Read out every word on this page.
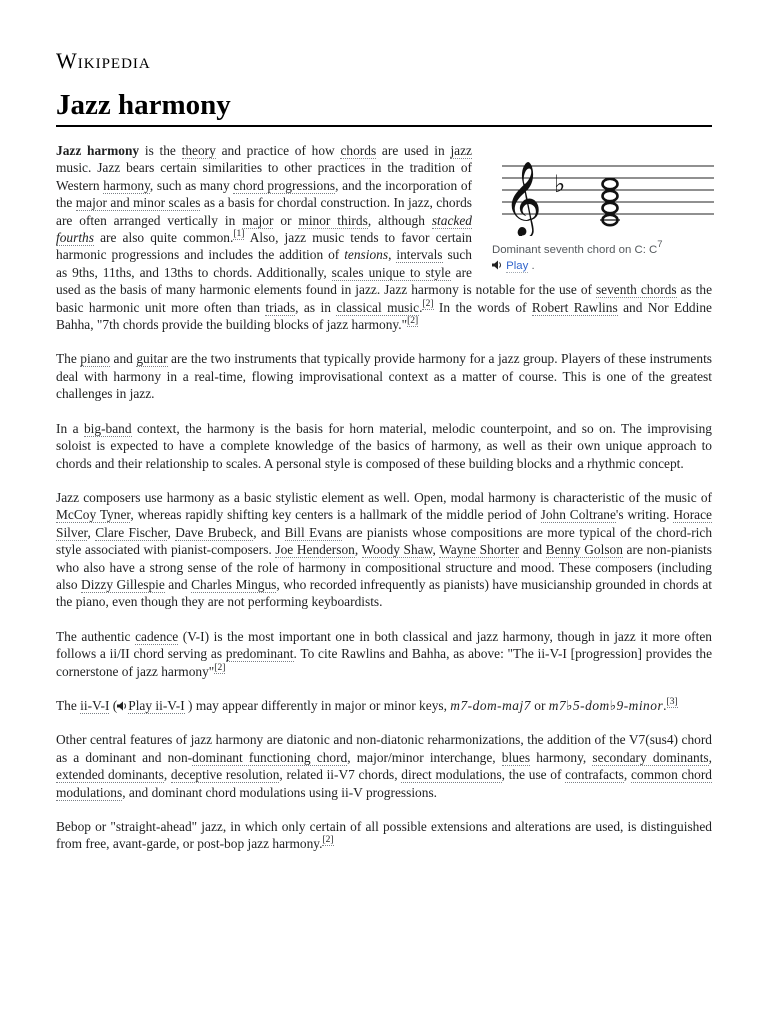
Wikipedia
Jazz harmony
𝄞 ♭
Dominant seventh chord on C: $C^7$
Play .

Jazz harmony is the theory and practice of how chords are used in jazz music. Jazz bears certain similarities to other practices in the tradition of Western harmony, such as many chord progressions, and the incorporation of the major and minor scales as a basis for chordal construction. In jazz, chords are often arranged vertically in major or minor thirds, although stacked fourths are also quite common.[1] Also, jazz music tends to favor certain harmonic progressions and includes the addition of tensions, intervals such as 9ths, 11ths, and 13ths to chords. Additionally, scales unique to style are used as the basis of many harmonic elements found in jazz. Jazz harmony is notable for the use of seventh chords as the basic harmonic unit more often than triads, as in classical music.[2] In the words of Robert Rawlins and Nor Eddine Bahha, "7th chords provide the building blocks of jazz harmony."[2]

The piano and guitar are the two instruments that typically provide harmony for a jazz group. Players of these instruments deal with harmony in a real-time, flowing improvisational context as a matter of course. This is one of the greatest challenges in jazz.

In a big-band context, the harmony is the basis for horn material, melodic counterpoint, and so on. The improvising soloist is expected to have a complete knowledge of the basics of harmony, as well as their own unique approach to chords and their relationship to scales. A personal style is composed of these building blocks and a rhythmic concept.

Jazz composers use harmony as a basic stylistic element as well. Open, modal harmony is characteristic of the music of McCoy Tyner, whereas rapidly shifting key centers is a hallmark of the middle period of John Coltrane's writing. Horace Silver, Clare Fischer, Dave Brubeck, and Bill Evans are pianists whose compositions are more typical of the chord-rich style associated with pianist-composers. Joe Henderson, Woody Shaw, Wayne Shorter and Benny Golson are non-pianists who also have a strong sense of the role of harmony in compositional structure and mood. These composers (including also Dizzy Gillespie and Charles Mingus, who recorded infrequently as pianists) have musicianship grounded in chords at the piano, even though they are not performing keyboardists.

The authentic cadence (V-I) is the most important one in both classical and jazz harmony, though in jazz it more often follows a ii/II chord serving as predominant. To cite Rawlins and Bahha, as above: "The ii-V-I [progression] provides the cornerstone of jazz harmony"[2]

The ii-V-I ( Play ii-V-I ) may appear differently in major or minor keys, m7-dom-maj7 or m7♭5-dom♭9-minor.[3]

Other central features of jazz harmony are diatonic and non-diatonic reharmonizations, the addition of the V7(sus4) chord as a dominant and non-dominant functioning chord, major/minor interchange, blues harmony, secondary dominants, extended dominants, deceptive resolution, related ii-V7 chords, direct modulations, the use of contrafacts, common chord modulations, and dominant chord modulations using ii-V progressions.

Bebop or "straight-ahead" jazz, in which only certain of all possible extensions and alterations are used, is distinguished from free, avant-garde, or post-bop jazz harmony.[2]
